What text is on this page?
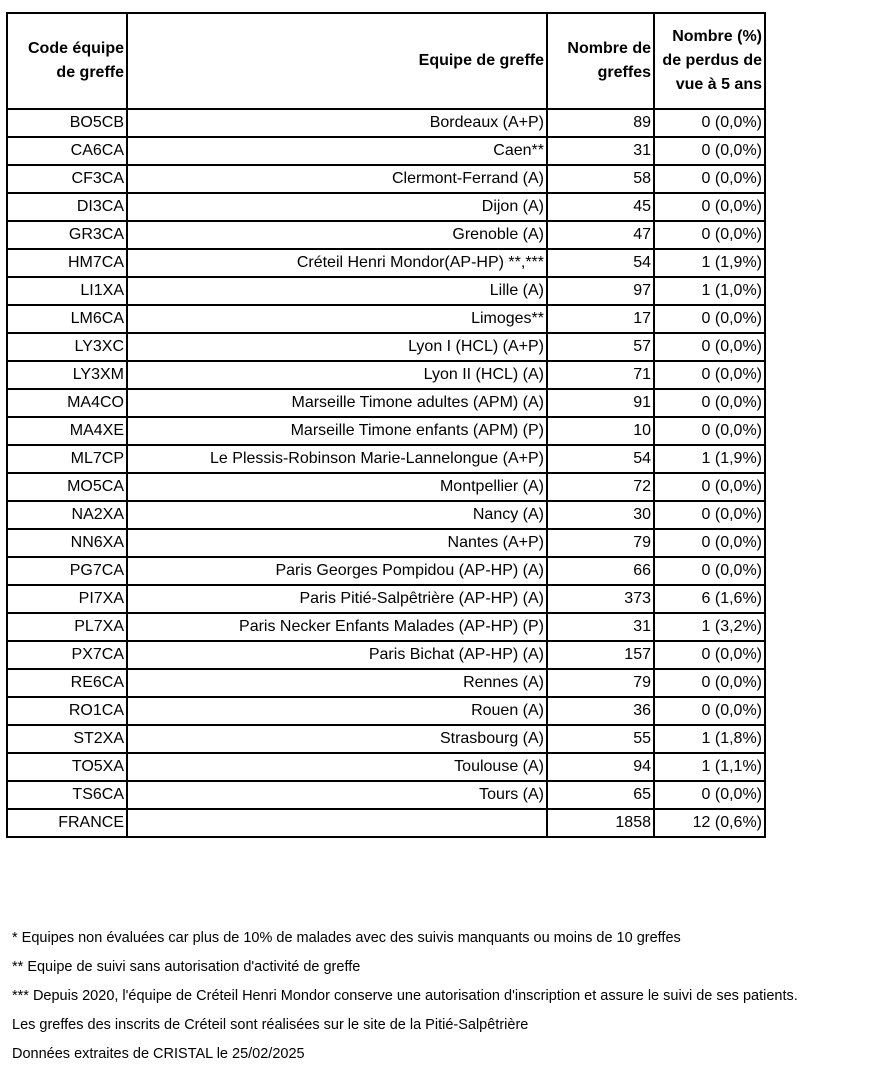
Code équipe de greffe	Equipe de greffe	Nombre de greffes	Nombre (%) de perdus de vue à 5 ans
BO5CB	Bordeaux (A+P)	89	0 (0,0%)
CA6CA	Caen**	31	0 (0,0%)
CF3CA	Clermont-Ferrand (A)	58	0 (0,0%)
DI3CA	Dijon (A)	45	0 (0,0%)
GR3CA	Grenoble (A)	47	0 (0,0%)
HM7CA	Créteil Henri Mondor(AP-HP) **,***	54	1 (1,9%)
LI1XA	Lille (A)	97	1 (1,0%)
LM6CA	Limoges**	17	0 (0,0%)
LY3XC	Lyon I (HCL) (A+P)	57	0 (0,0%)
LY3XM	Lyon II (HCL) (A)	71	0 (0,0%)
MA4CO	Marseille Timone adultes (APM) (A)	91	0 (0,0%)
MA4XE	Marseille Timone enfants (APM) (P)	10	0 (0,0%)
ML7CP	Le Plessis-Robinson Marie-Lannelongue (A+P)	54	1 (1,9%)
MO5CA	Montpellier (A)	72	0 (0,0%)
NA2XA	Nancy (A)	30	0 (0,0%)
NN6XA	Nantes (A+P)	79	0 (0,0%)
PG7CA	Paris Georges Pompidou (AP-HP) (A)	66	0 (0,0%)
PI7XA	Paris Pitié-Salpêtrière (AP-HP) (A)	373	6 (1,6%)
PL7XA	Paris Necker Enfants Malades (AP-HP) (P)	31	1 (3,2%)
PX7CA	Paris Bichat (AP-HP) (A)	157	0 (0,0%)
RE6CA	Rennes (A)	79	0 (0,0%)
RO1CA	Rouen (A)	36	0 (0,0%)
ST2XA	Strasbourg (A)	55	1 (1,8%)
TO5XA	Toulouse (A)	94	1 (1,1%)
TS6CA	Tours (A)	65	0 (0,0%)
FRANCE		1858	12 (0,6%)
* Equipes non évaluées car plus de 10% de malades avec des suivis manquants ou moins de 10 greffes
** Equipe de suivi sans autorisation d'activité de greffe
*** Depuis 2020, l'équipe de Créteil Henri Mondor conserve une autorisation d'inscription et assure le suivi de ses patients.
Les greffes des inscrits de Créteil sont réalisées sur le site de la Pitié-Salpêtrière
Données extraites de CRISTAL le 25/02/2025
